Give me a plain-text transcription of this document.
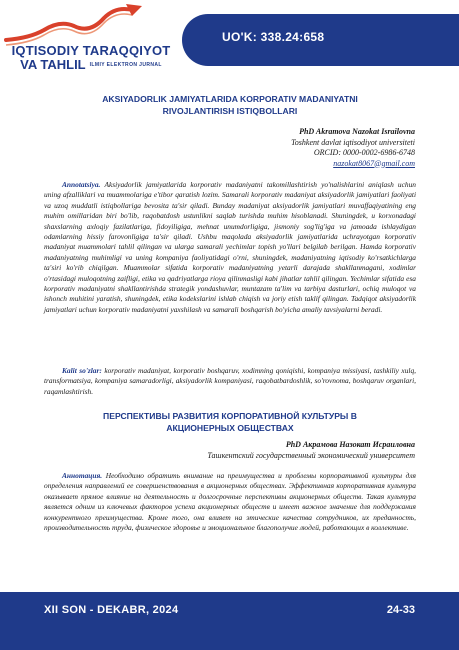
IQTISODIY TARAQQIYOT
VA TAHLIL ILMIY ELEKTRON JURNAL
UO'K: 338.24:658
AKSIYADORLIK JAMIYATLARIDA KORPORATIV MADANIYATNI RIVOJLANTIRISH ISTIQBOLLARI
PhD Akramova Nazokat Israilovna
Toshkent davlat iqtisodiyot universiteti
ORCID: 0000-0002-6986-6748
nazokat8067@gmail.com
Annotatsiya. Aksiyadorlik jamiyatlarida korporativ madaniyatni takomillashtirish yo'nalishlarini aniqlash uchun uning afzalliklari va muammolariga e'tibor qaratish lozim. Samarali korporativ madaniyat aksiyadorlik jamiyatlari faoliyati va uzoq muddatli istiqbollariga bevosita ta'sir qiladi. Bunday madaniyat aksiyadorlik jamiyatlari muvaffaqiyatining eng muhim omillaridan biri bo'lib, raqobatdosh ustunlikni saqlab turishda muhim hisoblanadi. Shuningdek, u korxonadagi shaxslarning axloqiy fazilatlariga, fidoyiligiga, mehnat unumdorligiga, jismoniy sog'lig'iga va jamoada ishlaydigan odamlarning hissiy farovonligiga ta'sir qiladi. Ushbu maqolada aksiyadorlik jamiyatlarida uchrayotgan korporativ madaniyat muammolari tahlil qilingan va ularga samarali yechimlar topish yo'llari belgilab berilgan. Hamda korporativ madaniyatning muhimligi va uning kompaniya faoliyatidagi o'rni, shuningdek, madaniyatning iqtisodiy ko'rsatkichlarga ta'siri ko'rib chiqilgan. Muammolar sifatida korporativ madaniyatning yetarli darajada shakllanmagani, xodimlar o'rtasidagi muloqotning zaifligi, etika va qadriyatlarga rioya qilinmasligi kabi jihatlar tahlil qilingan. Yechimlar sifatida esa korporativ madaniyatni shakllantirishda strategik yondashuvlar, muntazam ta'lim va tarbiya dasturlari, ochiq muloqot va ishonch muhitini yaratish, shuningdek, etika kodekslarini ishlab chiqish va joriy etish taklif qilingan. Tadqiqot aksiyadorlik jamiyatlari uchun korporativ madaniyatni yaxshilash va samarali boshqarish bo'yicha amaliy tavsiyalarni beradi.
Kalit so'zlar: korporativ madaniyat, korporativ boshqaruv, xodimning qoniqishi, kompaniya missiyasi, tashkiliy xulq, transformatsiya, kompaniya samaradorligi, aksiyadorlik kompaniyasi, raqobatbardoshlik, so'rovnoma, boshqaruv organlari, raqamlashtirish.
ПЕРСПЕКТИВЫ РАЗВИТИЯ КОРПОРАТИВНОЙ КУЛЬТУРЫ В АКЦИОНЕРНЫХ ОБЩЕСТВАХ
PhD Акрамова Назокат Исраиловна
Ташкентский государственный экономический университет
Аннотация. Необходимо обратить внимание на преимущества и проблемы корпоративной культуры для определения направлений ее совершенствования в акционерных обществах. Эффективная корпоративная культура оказывает прямое влияние на деятельность и долгосрочные перспективы акционерных обществ. Такая культура является одним из ключевых факторов успеха акционерных обществ и имеет важное значение для поддержания конкурентного преимущества. Кроме того, она влияет на этические качества сотрудников, их преданность, производительность труда, физическое здоровье и эмоциональное благополучие людей, работающих в коллективе.
XII SON - DEKABR, 2024	24-33
